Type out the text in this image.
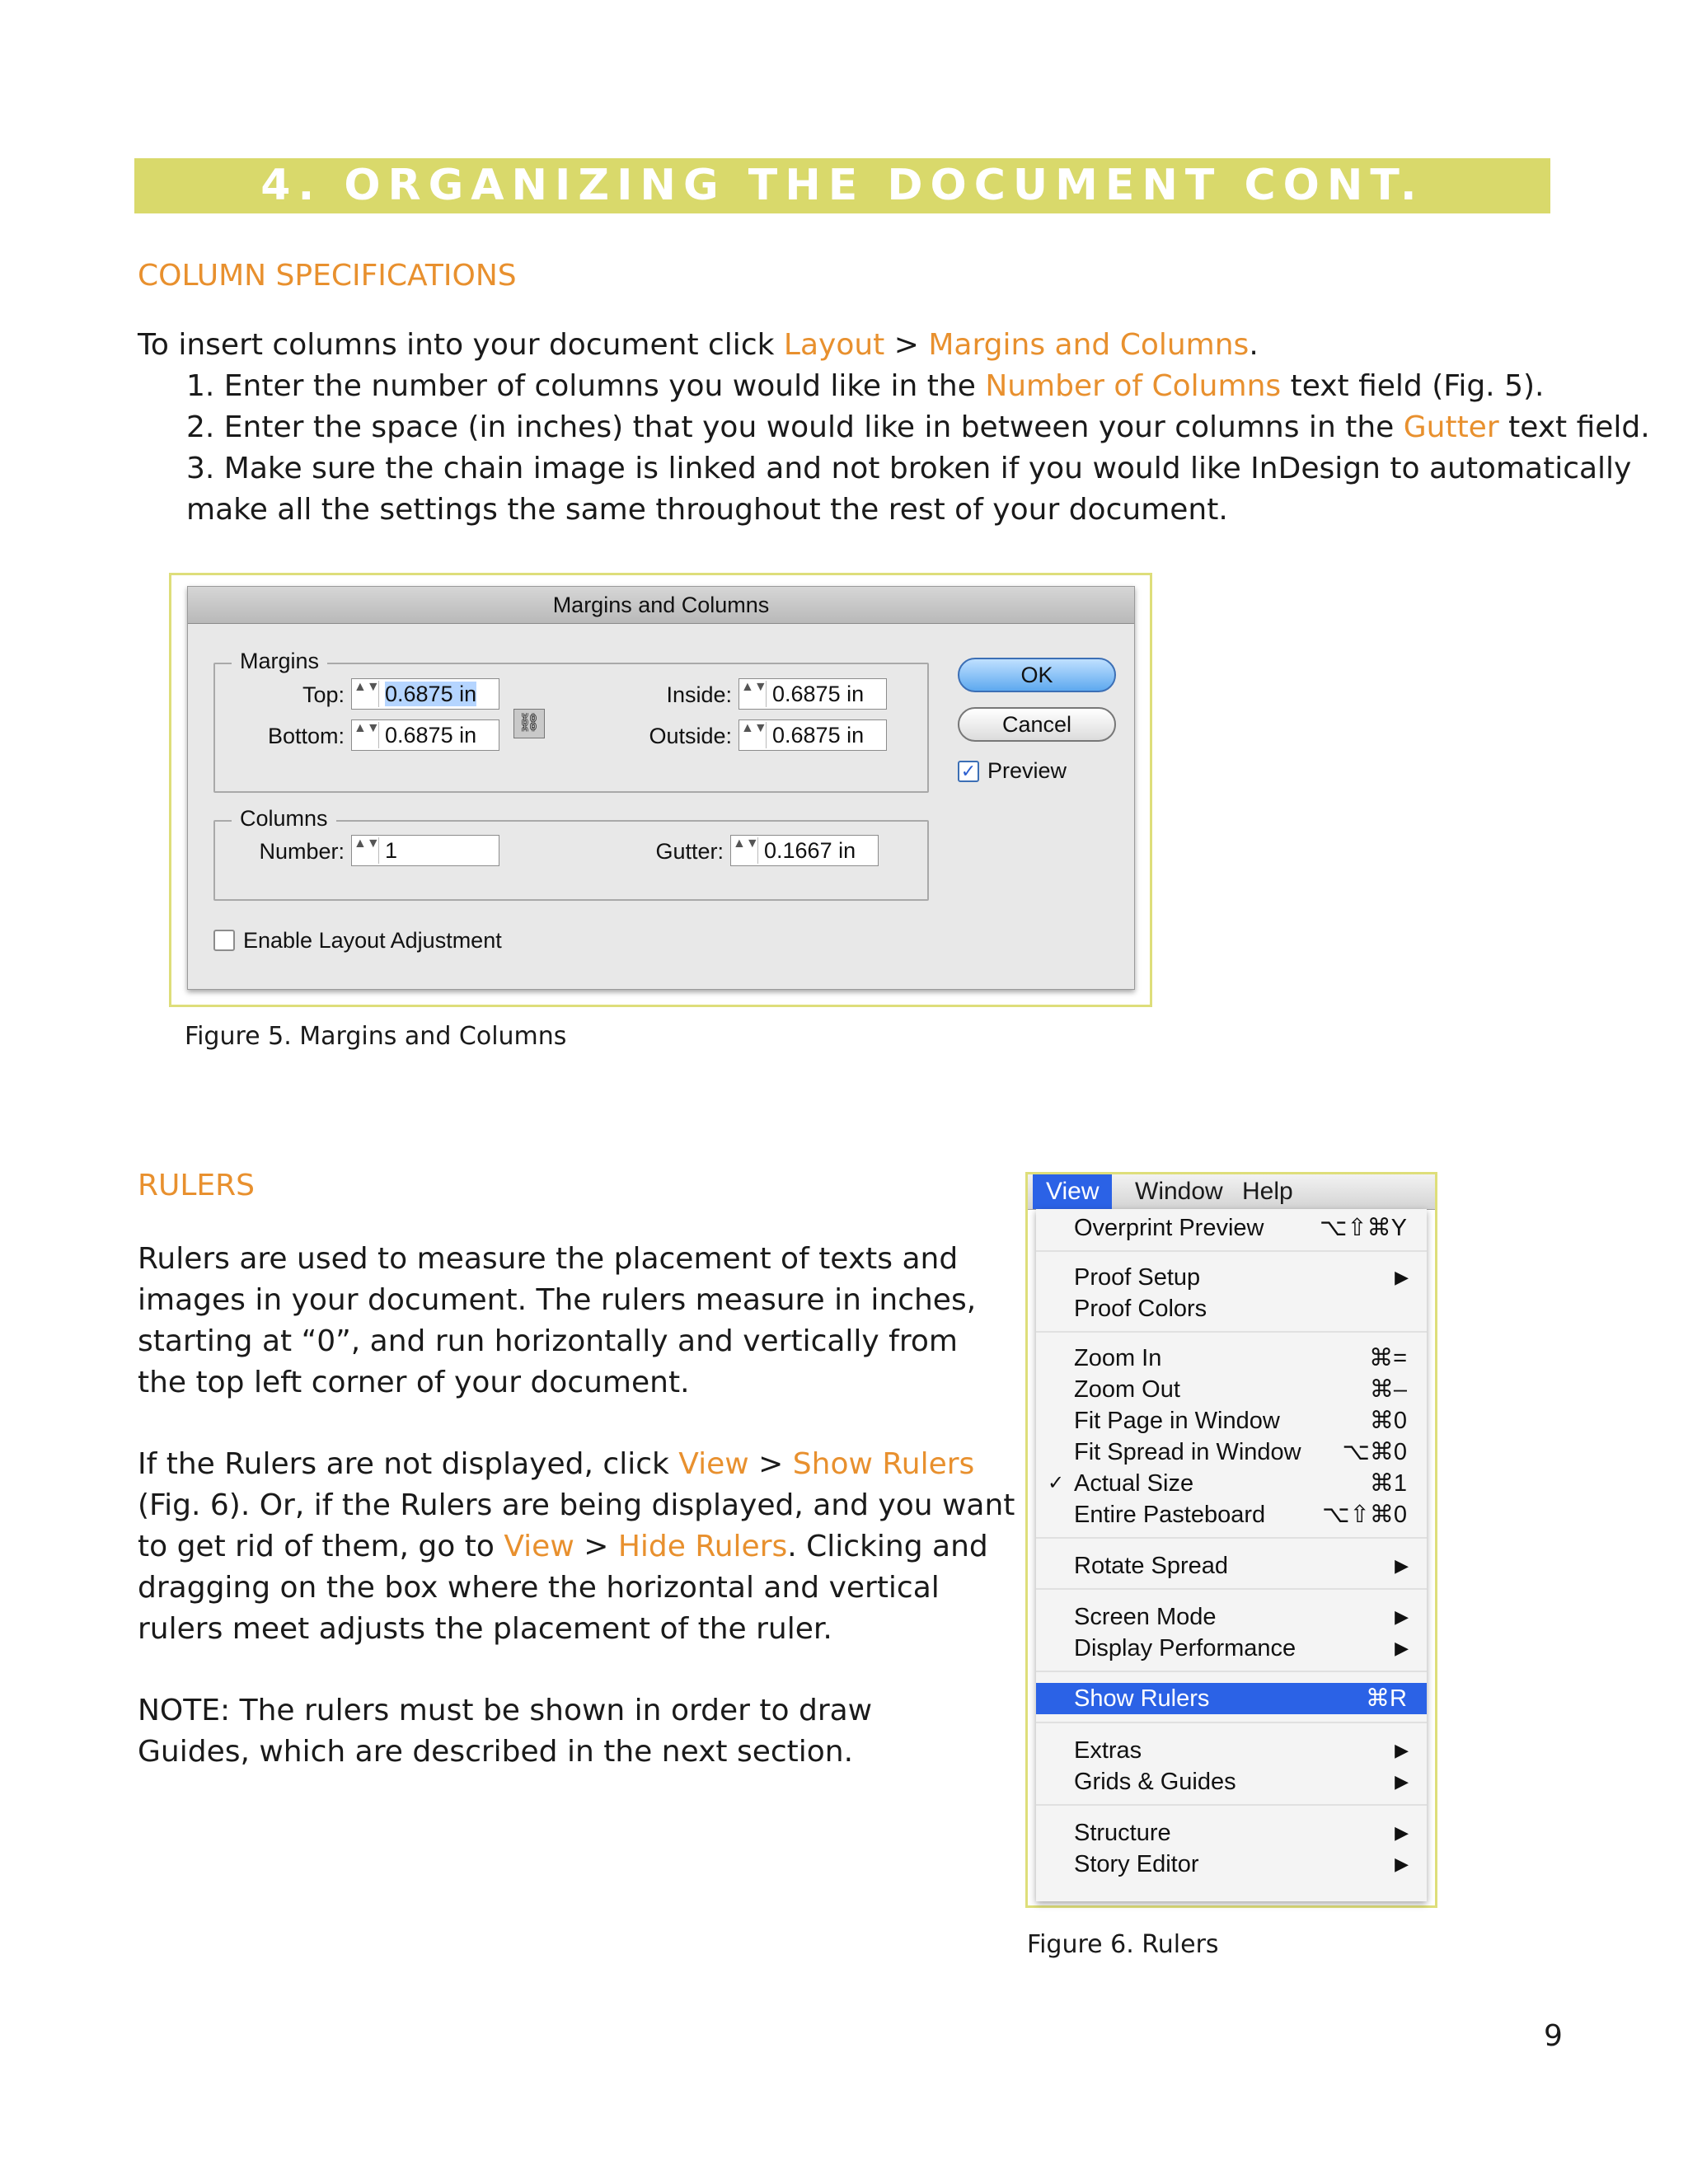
4. ORGANIZING THE DOCUMENT CONT.
COLUMN SPECIFICATIONS
To insert columns into your document click Layout > Margins and Columns.
1. Enter the number of columns you would like in the Number of Columns text field (Fig. 5).
2. Enter the space (in inches) that you would like in between your columns in the Gutter text field.
3. Make sure the chain image is linked and not broken if you would like InDesign to automatically
make all the settings the same throughout the rest of your document.
Margins and Columns
Margins
Top: ▲▼ 0.6875 in
Bottom: ▲▼ 0.6875 in
⛓
Inside: ▲▼ 0.6875 in
Outside: ▲▼ 0.6875 in
Columns
Number: ▲▼ 1	Gutter: ▲▼ 0.1667 in
Enable Layout Adjustment
OK
Cancel
✓ Preview
Figure 5. Margins and Columns
RULERS
Rulers are used to measure the placement of texts and
images in your document. The rulers measure in inches,
starting at “0”, and run horizontally and vertically from
the top left corner of your document.
If the Rulers are not displayed, click View > Show Rulers
(Fig. 6). Or, if the Rulers are being displayed, and you want
to get rid of them, go to View > Hide Rulers. Clicking and
dragging on the box where the horizontal and vertical
rulers meet adjusts the placement of the ruler.
NOTE: The rulers must be shown in order to draw
Guides, which are described in the next section.
View	Window Help
Overprint Preview ⌥⇧⌘Y
Proof Setup	▶
Proof Colors
Zoom In	⌘=
Zoom Out	⌘–
Fit Page in Window	⌘0
Fit Spread in Window ⌥⌘0
✓ Actual Size	⌘1
Entire Pasteboard ⌥⇧⌘0
Rotate Spread	▶
Screen Mode	▶
Display Performance	▶
Show Rulers	⌘R
Extras	▶
Grids & Guides	▶
Structure	▶
Story Editor	▶
Figure 6. Rulers
9
